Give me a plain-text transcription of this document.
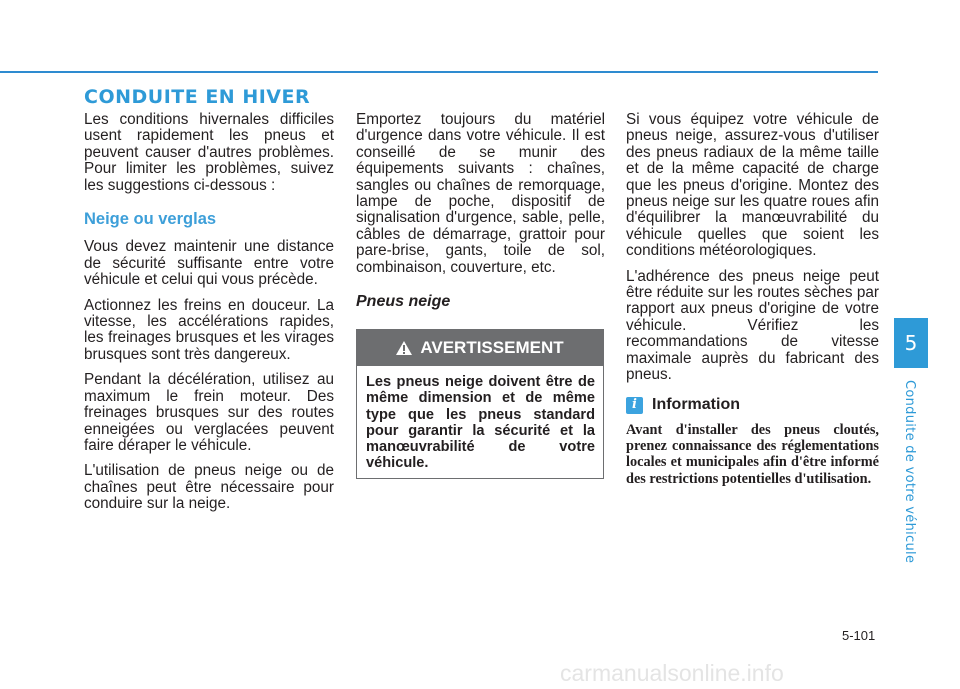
CONDUITE EN HIVER

Les conditions hivernales difficiles usent rapidement les pneus et peuvent causer d'autres problèmes. Pour limiter les problèmes, suivez les suggestions ci-dessous :

Neige ou verglas

Vous devez maintenir une distance de sécurité suffisante entre votre véhicule et celui qui vous précède.

Actionnez les freins en douceur. La vitesse, les accélérations rapides, les freinages brusques et les virages brusques sont très dangereux.

Pendant la décélération, utilisez au maximum le frein moteur. Des freinages brusques sur des routes enneigées ou verglacées peuvent faire déraper le véhicule.

L'utilisation de pneus neige ou de chaînes peut être nécessaire pour conduire sur la neige.

Emportez toujours du matériel d'urgence dans votre véhicule. Il est conseillé de se munir des équipements suivants : chaînes, sangles ou chaînes de remorquage, lampe de poche, dispositif de signalisation d'urgence, sable, pelle, câbles de démarrage, grattoir pour pare-brise, gants, toile de sol, combinaison, couverture, etc.

Pneus neige
AVERTISSEMENT
Les pneus neige doivent être de même dimension et de même type que les pneus standard pour garantir la sécurité et la manœuvrabilité de votre véhicule.

Si vous équipez votre véhicule de pneus neige, assurez-vous d'utiliser des pneus radiaux de la même taille et de la même capacité de charge que les pneus d'origine. Montez des pneus neige sur les quatre roues afin d'équilibrer la manœuvrabilité du véhicule quelles que soient les conditions météorologiques.

L'adhérence des pneus neige peut être réduite sur les routes sèches par rapport aux pneus d'origine de votre véhicule. Vérifiez les recommandations de vitesse maximale auprès du fabricant des pneus.

i Information
Avant d'installer des pneus cloutés, prenez connaissance des réglementations locales et municipales afin d'être informé des restrictions potentielles d'utilisation.
5
Conduite de votre véhicule
5-101
carmanualsonline.info
